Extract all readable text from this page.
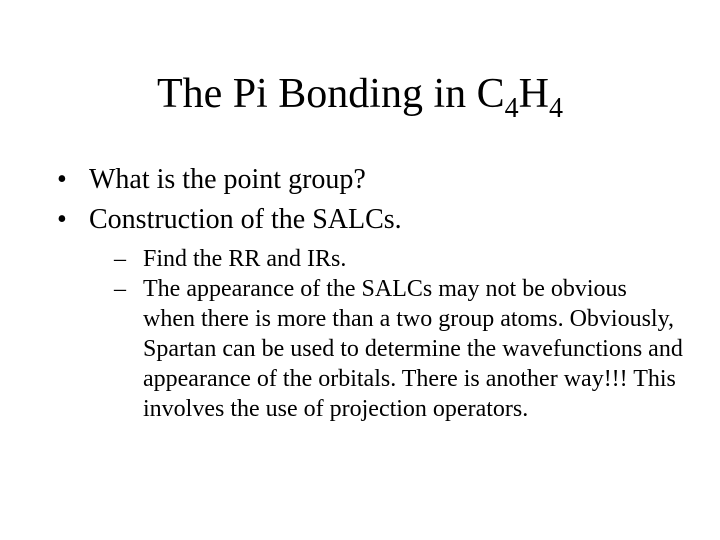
The Pi Bonding in $C_4H_4$
• What is the point group?
• Construction of the SALCs.
– Find the RR and IRs.
– The appearance of the SALCs may not be obvious when there is more than a two group atoms. Obviously, Spartan can be used to determine the wavefunctions and appearance of the orbitals. There is another way!!! This involves the use of projection operators.
